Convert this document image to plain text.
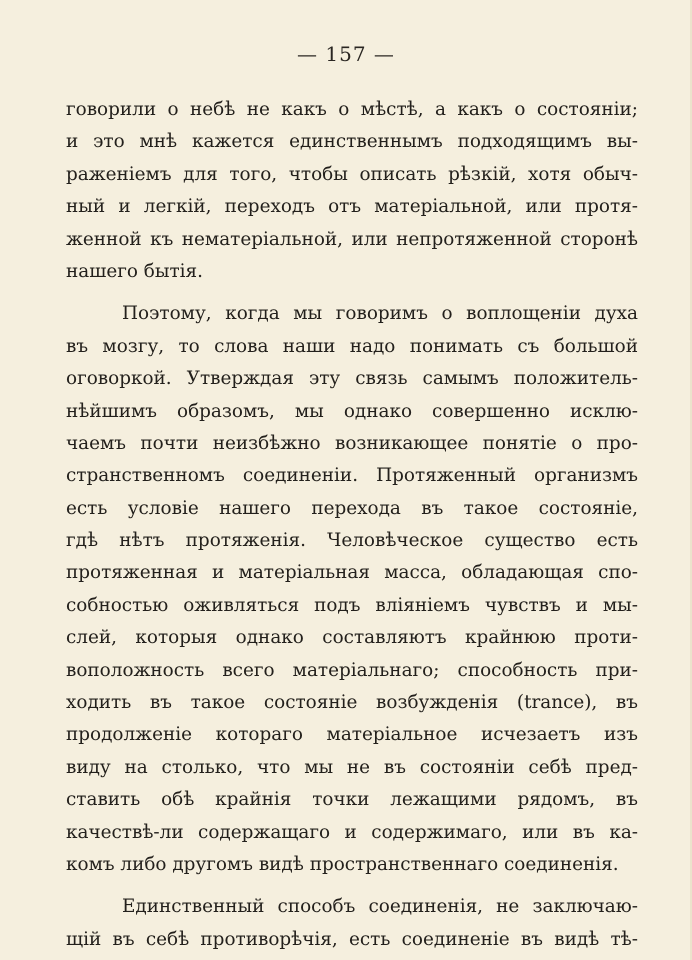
— 157 —
говорили о небѣ не какъ о мѣстѣ, а какъ о состояніи;
и это мнѣ кажется единственнымъ подходящимъ вы-
раженіемъ для того, чтобы описать рѣзкій, хотя обыч-
ный и легкій, переходъ отъ матеріальной, или протя-
женной къ нематеріальной, или непротяженной сторонѣ
нашего бытія.
Поэтому, когда мы говоримъ о воплощеніи духа
въ мозгу, то слова наши надо понимать съ большой
оговоркой. Утверждая эту связь самымъ положитель-
нѣйшимъ образомъ, мы однако совершенно исклю-
чаемъ почти неизбѣжно возникающее понятіе о про-
странственномъ соединеніи. Протяженный организмъ
есть условіе нашего перехода въ такое состояніе,
гдѣ нѣтъ протяженія. Человѣческое существо есть
протяженная и матеріальная масса, обладающая спо-
собностью оживляться подъ вліяніемъ чувствъ и мы-
слей, которыя однако составляютъ крайнюю проти-
воположность всего матеріальнаго; способность при-
ходить въ такое состояніе возбужденія (trance), въ
продолженіе котораго матеріальное исчезаетъ изъ
виду на столько, что мы не въ состояніи себѣ пред-
ставить обѣ крайнія точки лежащими рядомъ, въ
качествѣ-ли содержащаго и содержимаго, или въ ка-
комъ либо другомъ видѣ пространственнаго соединенія.
Единственный способъ соединенія, не заключаю-
щій въ себѣ противорѣчія, есть соединеніе въ видѣ тѣ-
